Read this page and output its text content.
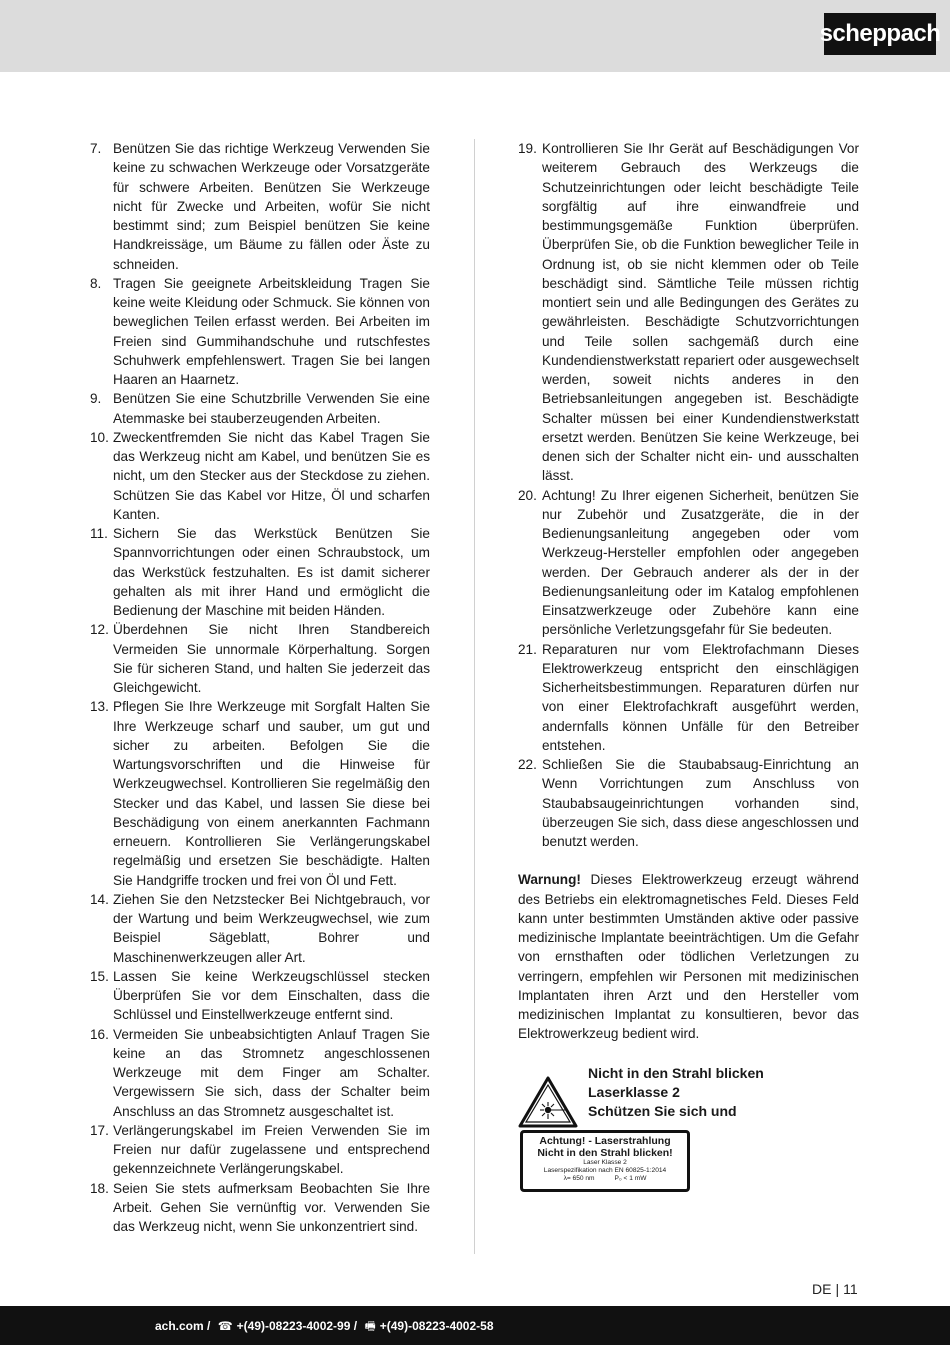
scheppach
7. Benützen Sie das richtige Werkzeug Verwenden Sie keine zu schwachen Werkzeuge oder Vorsatzgeräte für schwere Arbeiten. Benützen Sie Werkzeuge nicht für Zwecke und Arbeiten, wofür Sie nicht bestimmt sind; zum Beispiel benützen Sie keine Handkreissäge, um Bäume zu fällen oder Äste zu schneiden.
8. Tragen Sie geeignete Arbeitskleidung Tragen Sie keine weite Kleidung oder Schmuck. Sie können von beweglichen Teilen erfasst werden. Bei Arbeiten im Freien sind Gummihandschuhe und rutschfestes Schuhwerk empfehlenswert. Tragen Sie bei langen Haaren an Haarnetz.
9. Benützen Sie eine Schutzbrille Verwenden Sie eine Atemmaske bei stauberzeugenden Arbeiten.
10. Zweckentfremden Sie nicht das Kabel Tragen Sie das Werkzeug nicht am Kabel, und benützen Sie es nicht, um den Stecker aus der Steckdose zu ziehen. Schützen Sie das Kabel vor Hitze, Öl und scharfen Kanten.
11. Sichern Sie das Werkstück Benützen Sie Spannvorrichtungen oder einen Schraubstock, um das Werkstück festzuhalten. Es ist damit sicherer gehalten als mit ihrer Hand und ermöglicht die Bedienung der Maschine mit beiden Händen.
12. Überdehnen Sie nicht Ihren Standbereich Vermeiden Sie unnormale Körperhaltung. Sorgen Sie für sicheren Stand, und halten Sie jederzeit das Gleichgewicht.
13. Pflegen Sie Ihre Werkzeuge mit Sorgfalt Halten Sie Ihre Werkzeuge scharf und sauber, um gut und sicher zu arbeiten. Befolgen Sie die Wartungsvorschriften und die Hinweise für Werkzeugwechsel. Kontrollieren Sie regelmäßig den Stecker und das Kabel, und lassen Sie diese bei Beschädigung von einem anerkannten Fachmann erneuern. Kontrollieren Sie Verlängerungskabel regelmäßig und ersetzen Sie beschädigte. Halten Sie Handgriffe trocken und frei von Öl und Fett.
14. Ziehen Sie den Netzstecker Bei Nichtgebrauch, vor der Wartung und beim Werkzeugwechsel, wie zum Beispiel Sägeblatt, Bohrer und Maschinenwerkzeugen aller Art.
15. Lassen Sie keine Werkzeugschlüssel stecken Überprüfen Sie vor dem Einschalten, dass die Schlüssel und Einstellwerkzeuge entfernt sind.
16. Vermeiden Sie unbeabsichtigten Anlauf Tragen Sie keine an das Stromnetz angeschlossenen Werkzeuge mit dem Finger am Schalter. Vergewissern Sie sich, dass der Schalter beim Anschluss an das Stromnetz ausgeschaltet ist.
17. Verlängerungskabel im Freien Verwenden Sie im Freien nur dafür zugelassene und entsprechend gekennzeichnete Verlängerungskabel.
18. Seien Sie stets aufmerksam Beobachten Sie Ihre Arbeit. Gehen Sie vernünftig vor. Verwenden Sie das Werkzeug nicht, wenn Sie unkonzentriert sind.
19. Kontrollieren Sie Ihr Gerät auf Beschädigungen Vor weiterem Gebrauch des Werkzeugs die Schutzeinrichtungen oder leicht beschädigte Teile sorgfältig auf ihre einwandfreie und bestimmungsgemäße Funktion überprüfen. Überprüfen Sie, ob die Funktion beweglicher Teile in Ordnung ist, ob sie nicht klemmen oder ob Teile beschädigt sind. Sämtliche Teile müssen richtig montiert sein und alle Bedingungen des Gerätes zu gewährleisten. Beschädigte Schutzvorrichtungen und Teile sollen sachgemäß durch eine Kundendienstwerkstatt repariert oder ausgewechselt werden, soweit nichts anderes in den Betriebsanleitungen angegeben ist. Beschädigte Schalter müssen bei einer Kundendienstwerkstatt ersetzt werden. Benützen Sie keine Werkzeuge, bei denen sich der Schalter nicht ein- und ausschalten lässt.
20. Achtung! Zu Ihrer eigenen Sicherheit, benützen Sie nur Zubehör und Zusatzgeräte, die in der Bedienungsanleitung angegeben oder vom Werkzeug-Hersteller empfohlen oder angegeben werden. Der Gebrauch anderer als der in der Bedienungsanleitung oder im Katalog empfohlenen Einsatzwerkzeuge oder Zubehöre kann eine persönliche Verletzungsgefahr für Sie bedeuten.
21. Reparaturen nur vom Elektrofachmann Dieses Elektrowerkzeug entspricht den einschlägigen Sicherheitsbestimmungen. Reparaturen dürfen nur von einer Elektrofachkraft ausgeführt werden, andernfalls können Unfälle für den Betreiber entstehen.
22. Schließen Sie die Staubabsaug-Einrichtung an Wenn Vorrichtungen zum Anschluss von Staubabsaugeinrichtungen vorhanden sind, überzeugen Sie sich, dass diese angeschlossen und benutzt werden.

Warnung! Dieses Elektrowerkzeug erzeugt während des Betriebs ein elektromagnetisches Feld. Dieses Feld kann unter bestimmten Umständen aktive oder passive medizinische Implantate beeinträchtigen. Um die Gefahr von ernsthaften oder tödlichen Verletzungen zu verringern, empfehlen wir Personen mit medizinischen Implantaten ihren Arzt und den Hersteller vom medizinischen Implantat zu konsultieren, bevor das Elektrowerkzeug bedient wird.

Nicht in den Strahl blicken
Laserklasse 2
Schützen Sie sich und
Achtung! - Laserstrahlung
Nicht in den Strahl blicken!
Laser Klasse 2
Laserspezifikation nach EN 60825-1:2014
λ= 650 nm	P₀ < 1 mW
DE | 11
ach.com / ☎ +(49)-08223-4002-99 / 🖷 +(49)-08223-4002-58
